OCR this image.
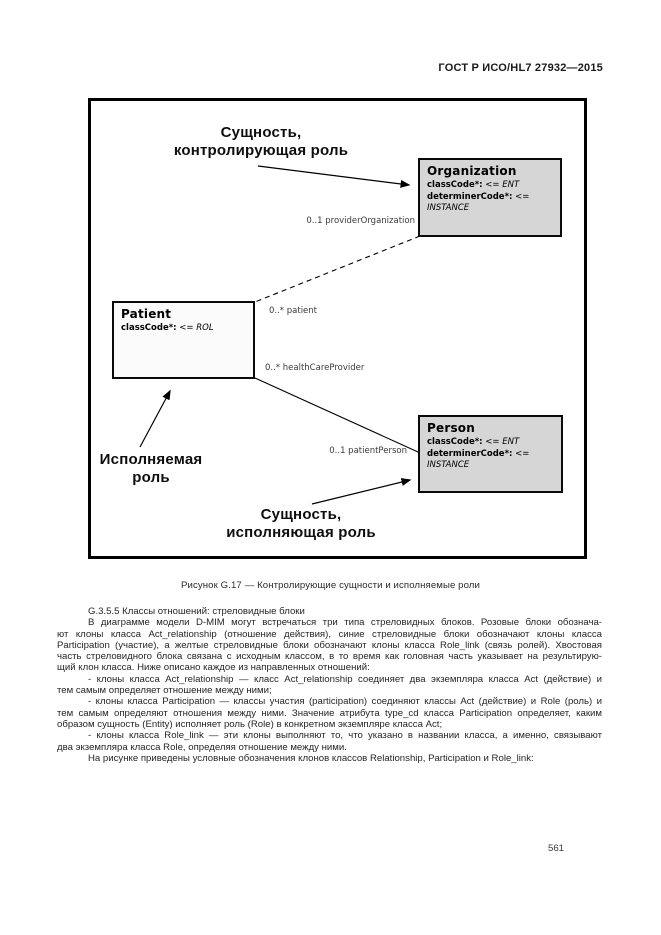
ГОСТ Р ИСО/HL7 27932—2015
Сущность,
контролирующая роль
Organization
classCode*: <= ENT
determinerCode*: <= INSTANCE
Patient
classCode*: <= ROL
Person
classCode*: <= ENT
determinerCode*: <= INSTANCE
0..1 providerOrganization
0..* patient
0..* healthCareProvider
0..1 patientPerson
Исполняемая
роль
Сущность,
исполняющая роль
Рисунок G.17 — Контролирующие сущности и исполняемые роли
G.3.5.5 Классы отношений: стреловидные блоки
В диаграмме модели D-MIM могут встречаться три типа стреловидных блоков. Розовые блоки обознача-
ют клоны класса Act_relationship (отношение действия), синие стреловидные блоки обозначают клоны класса
Participation (участие), а желтые стреловидные блоки обозначают клоны класса Role_link (связь ролей). Хвостовая
часть стреловидного блока связана с исходным классом, в то время как головная часть указывает на результирую-
щий клон класса. Ниже описано каждое из направленных отношений:
- клоны класса Act_relationship — класс Act_relationship соединяет два экземпляра класса Act (действие) и
тем самым определяет отношение между ними;
- клоны класса Participation — классы участия (participation) соединяют классы Act (действие) и Role (роль) и
тем самым определяют отношения между ними. Значение атрибута type_cd класса Participation определяет, каким
образом сущность (Entity) исполняет роль (Role) в конкретном экземпляре класса Act;
- клоны класса Role_link — эти клоны выполняют то, что указано в названии класса, а именно, связывают
два экземпляра класса Role, определяя отношение между ними.
На рисунке приведены условные обозначения клонов классов Relationship, Participation и Role_link:
561
